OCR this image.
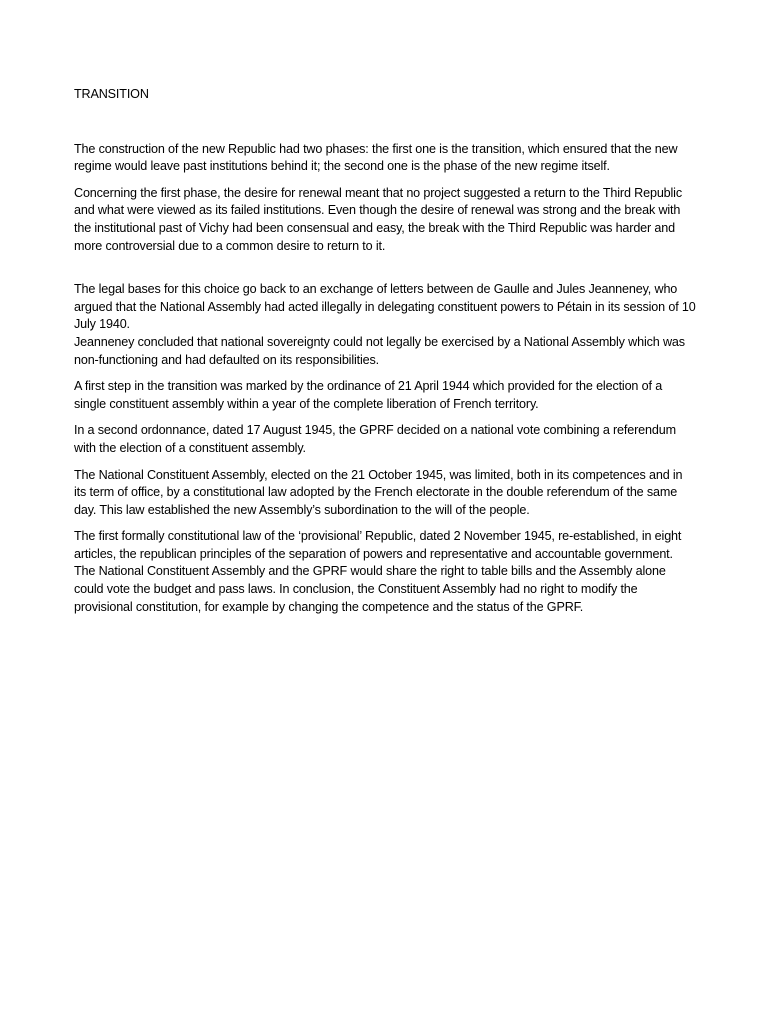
TRANSITION

The construction of the new Republic had two phases: the first one is the transition, which ensured that the new regime would leave past institutions behind it; the second one is the phase of the new regime itself.

Concerning the first phase, the desire for renewal meant that no project suggested a return to the Third Republic and what were viewed as its failed institutions. Even though the desire of renewal was strong and the break with the institutional past of Vichy had been consensual and easy, the break with the Third Republic was harder and more controversial due to a common desire to return to it.

The legal bases for this choice go back to an exchange of letters between de Gaulle and Jules Jeanneney, who argued that the National Assembly had acted illegally in delegating constituent powers to Pétain in its session of 10 July 1940.

Jeanneney concluded that national sovereignty could not legally be exercised by a National Assembly which was non-functioning and had defaulted on its responsibilities.

A first step in the transition was marked by the ordinance of 21 April 1944 which provided for the election of a single constituent assembly within a year of the complete liberation of French territory.

In a second ordonnance, dated 17 August 1945, the GPRF decided on a national vote combining a referendum with the election of a constituent assembly.

The National Constituent Assembly, elected on the 21 October 1945, was limited, both in its competences and in its term of office, by a constitutional law adopted by the French electorate in the double referendum of the same day. This law established the new Assembly’s subordination to the will of the people.

The first formally constitutional law of the ‘provisional’ Republic, dated 2 November 1945, re-established, in eight articles, the republican principles of the separation of powers and representative and accountable government. The National Constituent Assembly and the GPRF would share the right to table bills and the Assembly alone could vote the budget and pass laws. In conclusion, the Constituent Assembly had no right to modify the provisional constitution, for example by changing the competence and the status of the GPRF.
